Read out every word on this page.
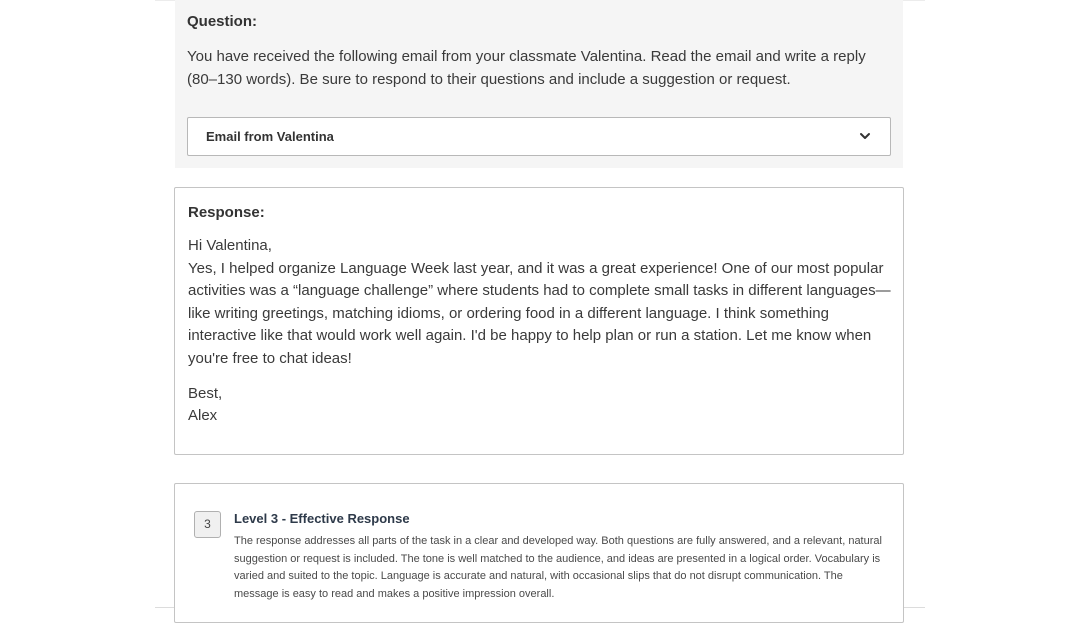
Question:

You have received the following email from your classmate Valentina. Read the email and write a reply (80–130 words). Be sure to respond to their questions and include a suggestion or request.

Email from Valentina
Response:

Hi Valentina,

Yes, I helped organize Language Week last year, and it was a great experience! One of our most popular activities was a “language challenge” where students had to complete small tasks in different languages—like writing greetings, matching idioms, or ordering food in a different language. I think something interactive like that would work well again. I'd be happy to help plan or run a station. Let me know when you're free to chat ideas!

Best,

Alex

3	Level 3 - Effective Response

The response addresses all parts of the task in a clear and developed way. Both questions are fully answered, and a relevant, natural suggestion or request is included. The tone is well matched to the audience, and ideas are presented in a logical order. Vocabulary is varied and suited to the topic. Language is accurate and natural, with occasional slips that do not disrupt communication. The message is easy to read and makes a positive impression overall.
